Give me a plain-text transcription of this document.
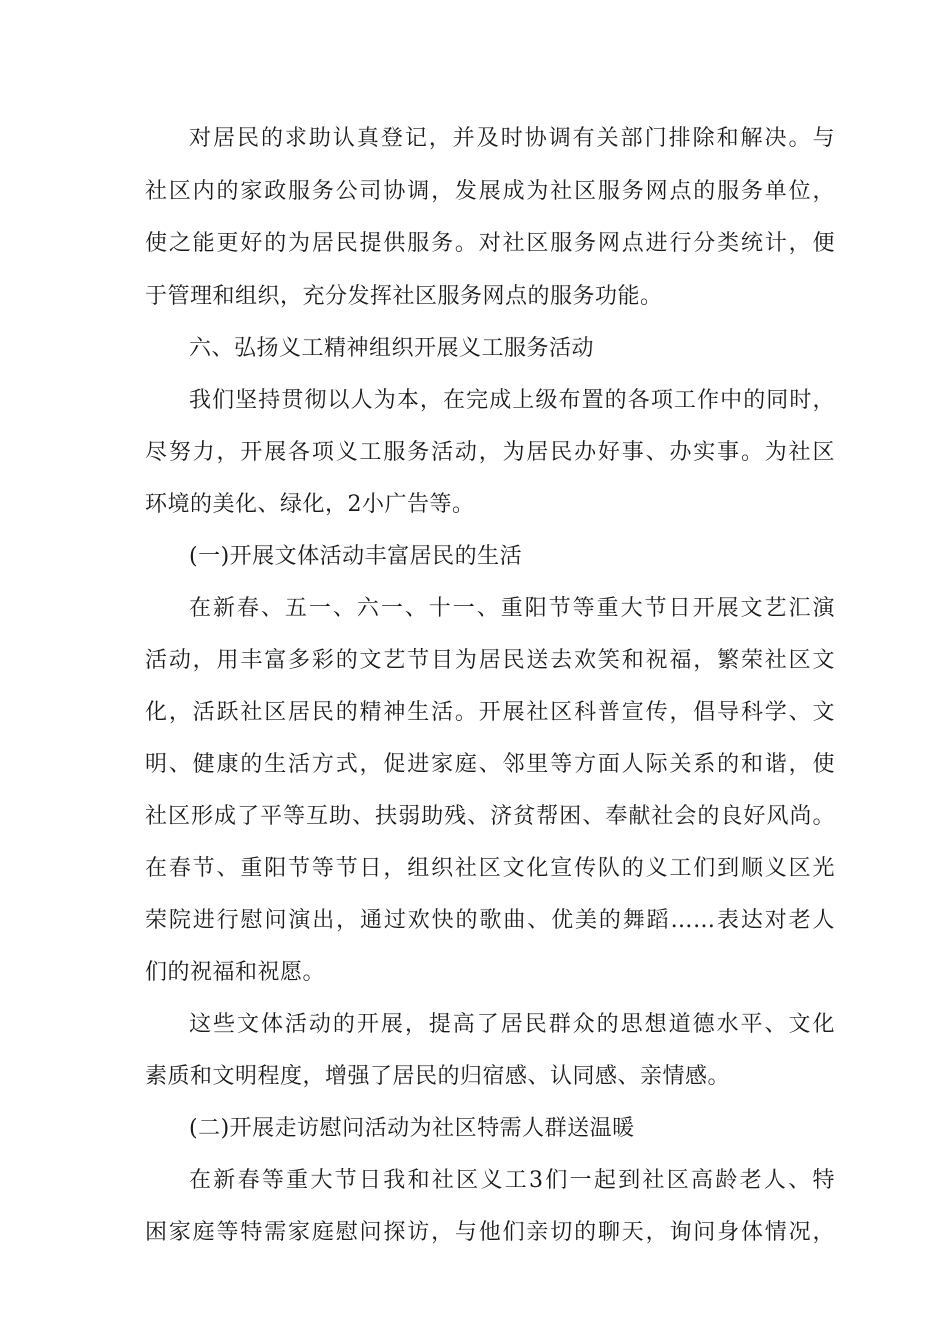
对居民的求助认真登记，并及时协调有关部门排除和解决。与
社区内的家政服务公司协调，发展成为社区服务网点的服务单位，
使之能更好的为居民提供服务。对社区服务网点进行分类统计，便
于管理和组织，充分发挥社区服务网点的服务功能。
六、弘扬义工精神组织开展义工服务活动
我们坚持贯彻以人为本，在完成上级布置的各项工作中的同时，
尽努力，开展各项义工服务活动，为居民办好事、办实事。为社区
环境的美化、绿化，2小广告等。
(一)开展文体活动丰富居民的生活
在新春、五一、六一、十一、重阳节等重大节日开展文艺汇演
活动，用丰富多彩的文艺节目为居民送去欢笑和祝福，繁荣社区文
化，活跃社区居民的精神生活。开展社区科普宣传，倡导科学、文
明、健康的生活方式，促进家庭、邻里等方面人际关系的和谐，使
社区形成了平等互助、扶弱助残、济贫帮困、奉献社会的良好风尚。
在春节、重阳节等节日，组织社区文化宣传队的义工们到顺义区光
荣院进行慰问演出，通过欢快的歌曲、优美的舞蹈……表达对老人
们的祝福和祝愿。
这些文体活动的开展，提高了居民群众的思想道德水平、文化
素质和文明程度，增强了居民的归宿感、认同感、亲情感。
(二)开展走访慰问活动为社区特需人群送温暖
在新春等重大节日我和社区义工3们一起到社区高龄老人、特
困家庭等特需家庭慰问探访，与他们亲切的聊天，询问身体情况，
